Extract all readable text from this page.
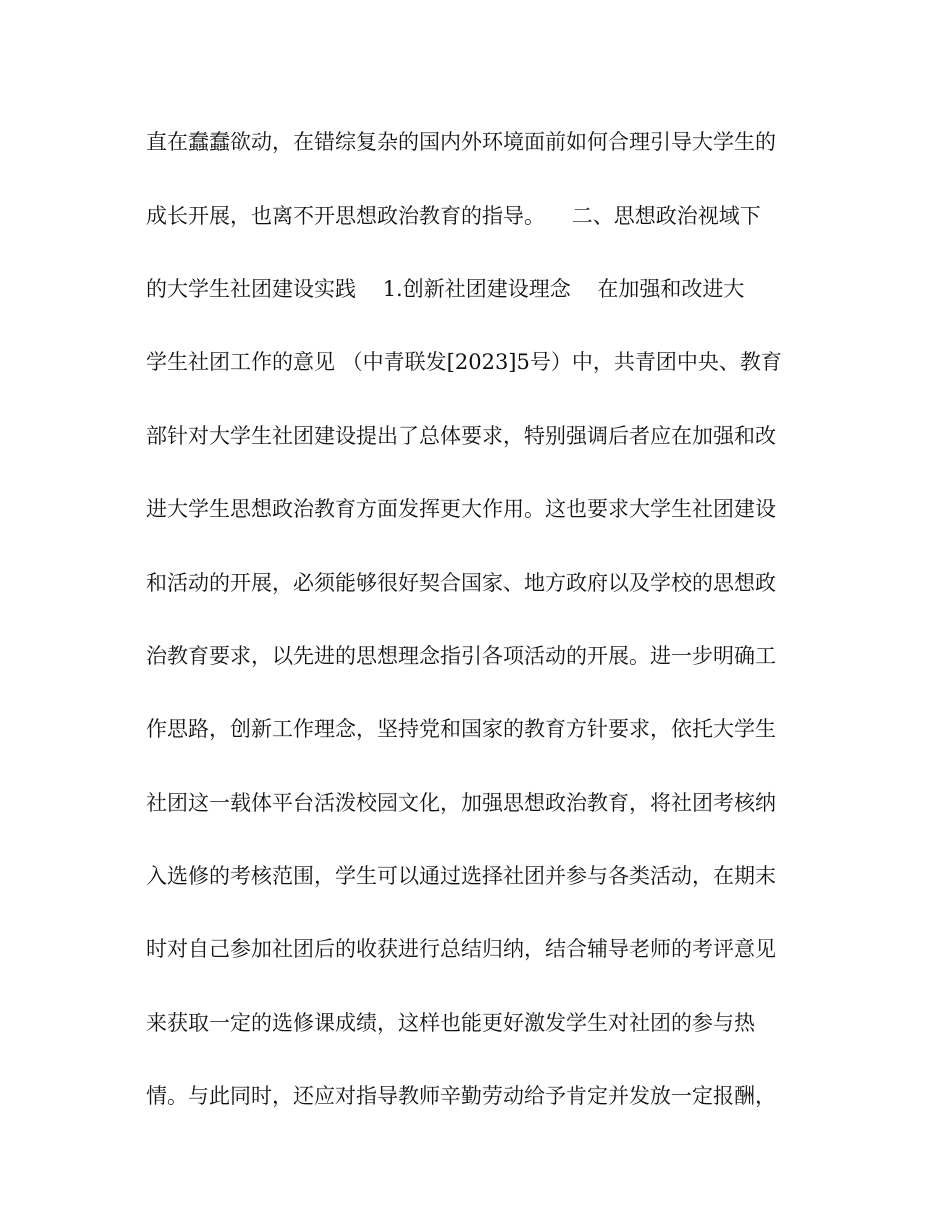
直在蠢蠢欲动，在错综复杂的国内外环境面前如何合理引导大学生的
成长开展，也离不开思想政治教育的指导。    二、思想政治视域下
的大学生社团建设实践    1.创新社团建设理念    在加强和改进大
学生社团工作的意见 （中青联发[2023]5号）中，共青团中央、教育
部针对大学生社团建设提出了总体要求，特别强调后者应在加强和改
进大学生思想政治教育方面发挥更大作用。这也要求大学生社团建设
和活动的开展，必须能够很好契合国家、地方政府以及学校的思想政
治教育要求，以先进的思想理念指引各项活动的开展。进一步明确工
作思路，创新工作理念，坚持党和国家的教育方针要求，依托大学生
社团这一载体平台活泼校园文化，加强思想政治教育，将社团考核纳
入选修的考核范围，学生可以通过选择社团并参与各类活动，在期末
时对自己参加社团后的收获进行总结归纳，结合辅导老师的考评意见
来获取一定的选修课成绩，这样也能更好激发学生对社团的参与热
情。与此同时，还应对指导教师辛勤劳动给予肯定并发放一定报酬，
